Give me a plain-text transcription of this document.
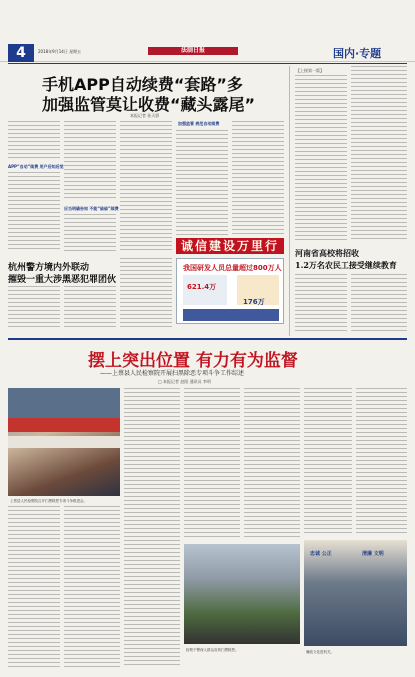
4	2018年9月14日 星期五	法制日报	国内·专题
手机APP自动续费“套路”多
加强监管莫让收费“藏头露尾”
本报记者 孙天骄
APP“自动”续费 用户后知后觉
应当明确告知 不能“偷偷”续费
加强监管 规范自动续费
诚信建设万里行
杭州警方境内外联动
摧毁一重大涉黑恶犯罪团伙
我国研发人员总量超过800万人
621.4万
176万
【上接第一版】
河南省高校将招收
1.2万名农民工接受继续教育
摆上突出位置 有力有为监督
——上蔡县人民检察院开展扫黑除恶专项斗争工作综述
□ 本报记者 赵阳 通讯员 李明
上蔡县人民检察院召开扫黑除恶专项斗争推进会。
检察干警深入群众宣传扫黑除恶。
忠诚 公正	清廉 文明
廉政文化进机关。
